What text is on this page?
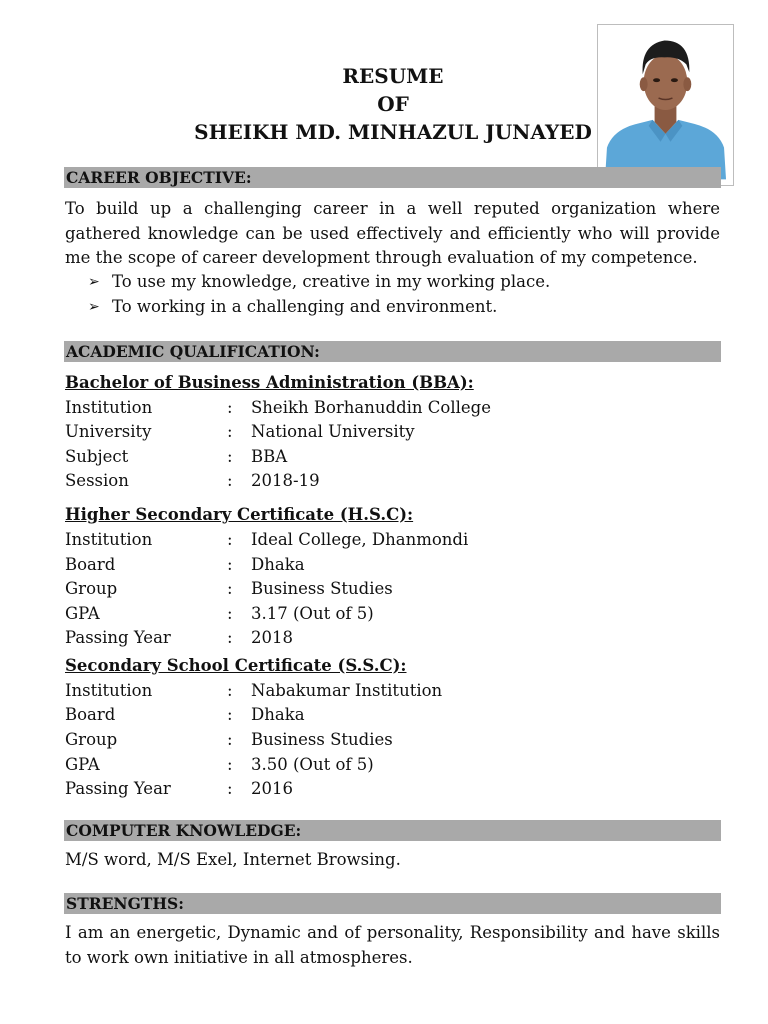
RESUME
OF
SHEIKH MD. MINHAZUL JUNAYED
CAREER OBJECTIVE:
To build up a challenging career in a well reputed organization where gathered knowledge can be used effectively and efficiently who will provide me the scope of career development through evaluation of my competence.
➢ To use my knowledge, creative in my working place.
➢ To working in a challenging and environment.
ACADEMIC QUALIFICATION:
Bachelor of Business Administration (BBA):
Institution	:	Sheikh Borhanuddin College
University	:	National University
Subject	:	BBA
Session	:	2018-19
Higher Secondary Certificate (H.S.C):
Institution	:	Ideal College, Dhanmondi
Board	:	Dhaka
Group	:	Business Studies
GPA	:	3.17 (Out of 5)
Passing Year	:	2018
Secondary School Certificate (S.S.C):
Institution	:	Nabakumar Institution
Board	:	Dhaka
Group	:	Business Studies
GPA	:	3.50 (Out of 5)
Passing Year	:	2016
COMPUTER KNOWLEDGE:
M/S word, M/S Exel, Internet Browsing.
STRENGTHS:
I am an energetic, Dynamic and of personality, Responsibility and have skills to work own initiative in all atmospheres.
